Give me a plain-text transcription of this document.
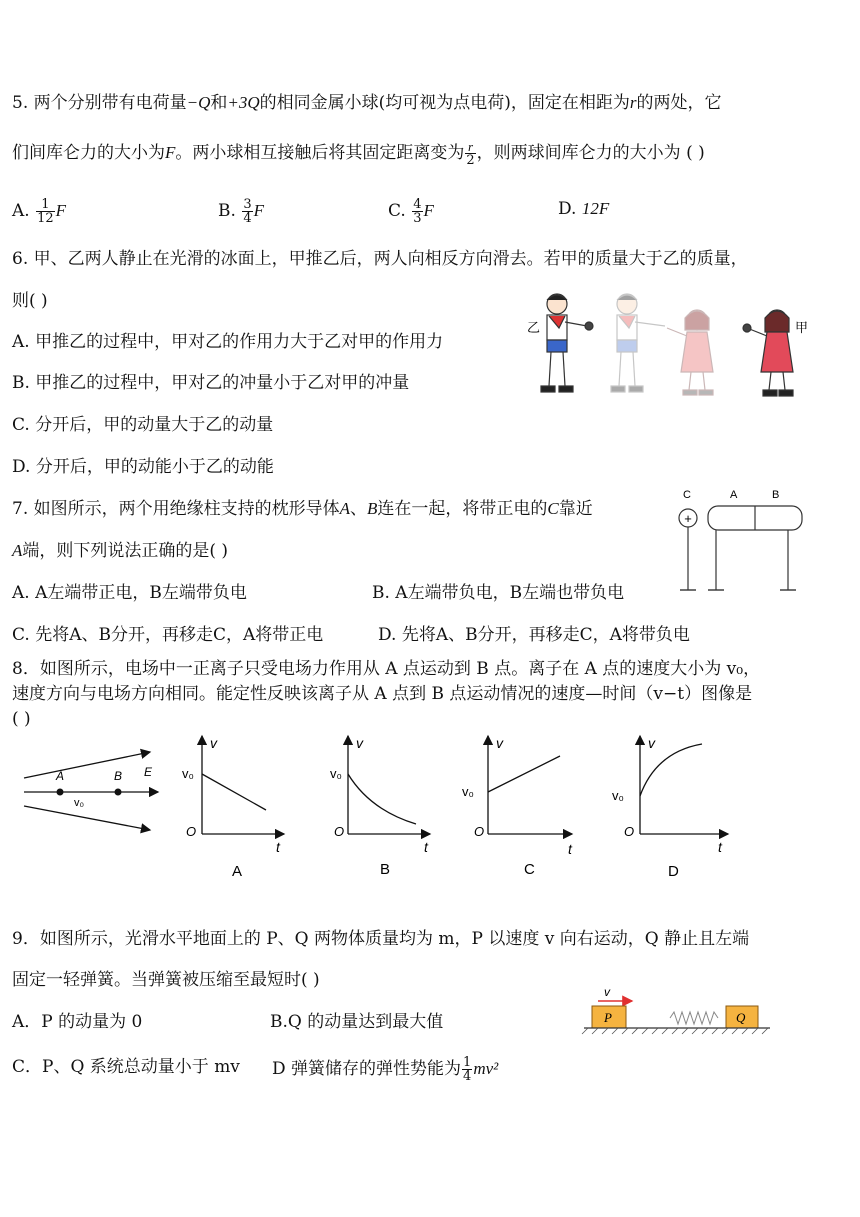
5. 两个分别带有电荷量−Q和+3Q的相同金属小球(均可视为点电荷)，固定在相距为r的两处，它
们间库仑力的大小为F。两小球相互接触后将其固定距离变为 $\frac{r}{2}$ ，则两球间库仑力的大小为 ( )
A. $\frac{1}{12}$ F	B. $\frac{3}{4}$ F	C. $\frac{4}{3}$ F	D. 12F
6. 甲、乙两人静止在光滑的冰面上，甲推乙后，两人向相反方向滑去。若甲的质量大于乙的质量，
则( )
A. 甲推乙的过程中，甲对乙的作用力大于乙对甲的作用力
B. 甲推乙的过程中，甲对乙的冲量小于乙对甲的冲量
C. 分开后，甲的动量大于乙的动量
D. 分开后，甲的动能小于乙的动能
乙	甲
7. 如图所示，两个用绝缘柱支持的枕形导体A、B连在一起，将带正电的C靠近
A端，则下列说法正确的是( )
A. A左端带正电，B左端带负电	B. A左端带负电，B左端也带负电
C. 先将A、B分开，再移走C，A将带正电	D. 先将A、B分开，再移走C，A将带负电
C	A	B
+
8．如图所示，电场中一正离子只受电场力作用从 A 点运动到 B 点。离子在 A 点的速度大小为 v₀，
速度方向与电场方向相同。能定性反映该离子从 A 点到 B 点运动情况的速度—时间（v−t）图像是
( )
A	B E
v₀
v
t
O
v₀
A
v
t
O
v₀
B
v
t
O
v₀
C
v
t
O
v₀
D
9．如图所示，光滑水平地面上的 P、Q 两物体质量均为 m，P 以速度 v 向右运动，Q 静止且左端
固定一轻弹簧。当弹簧被压缩至最短时( )
A．P 的动量为 0	B.Q 的动量达到最大值
C．P、Q 系统总动量小于 mv D 弹簧储存的弹性势能为 $\frac{1}{4} mv^2$
v
P	Q
